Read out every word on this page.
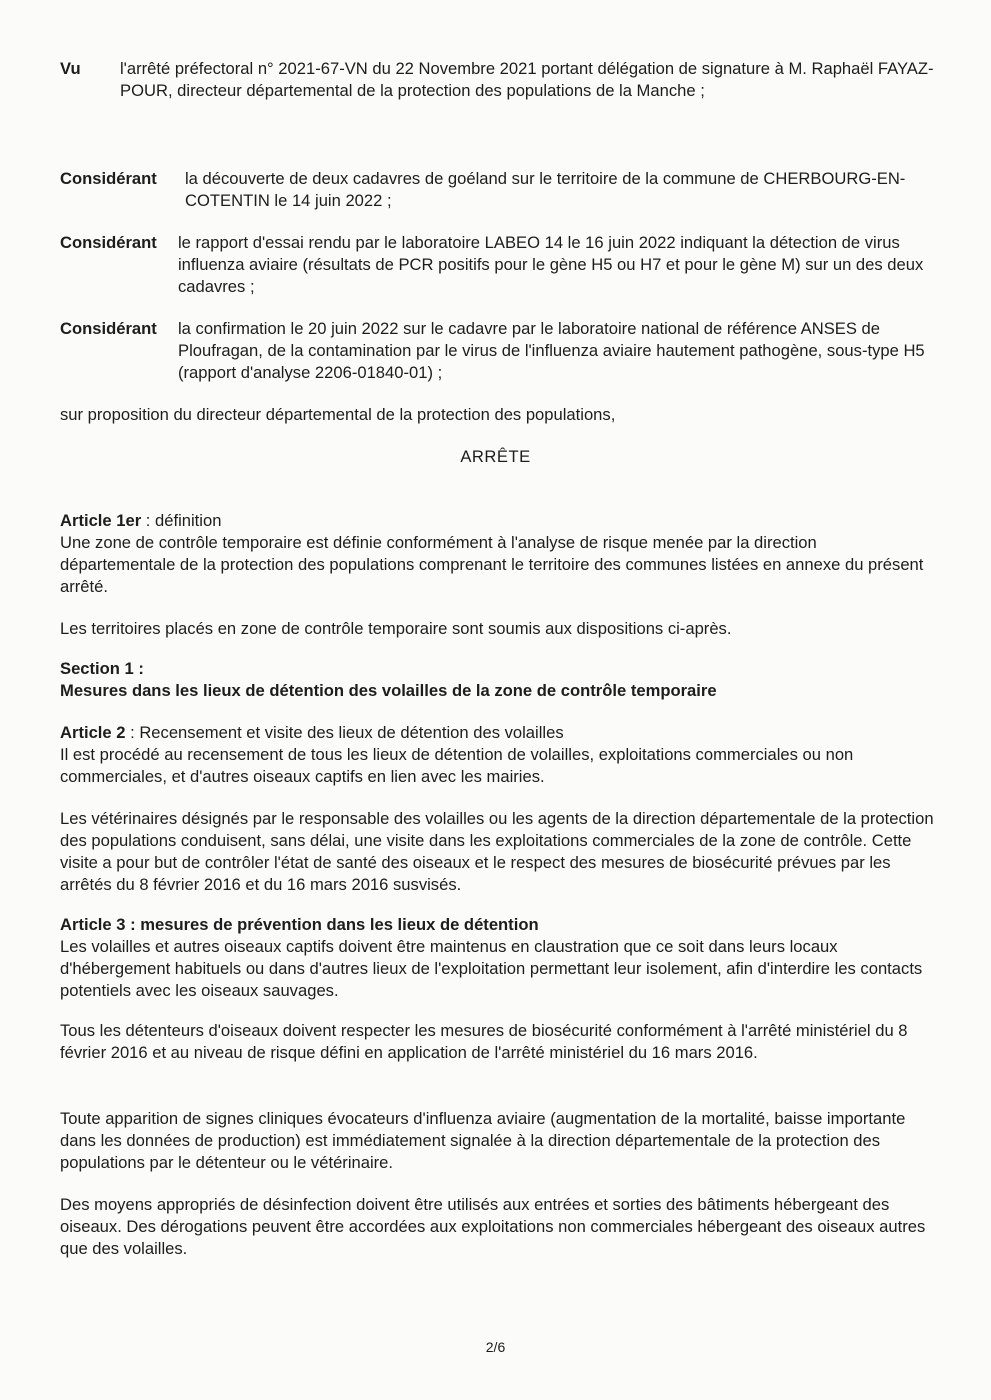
Vu l'arrêté préfectoral n° 2021-67-VN du 22 Novembre 2021 portant délégation de signature à M. Raphaël FAYAZ-POUR, directeur départemental de la protection des populations de la Manche ;

Considérant la découverte de deux cadavres de goéland sur le territoire de la commune de CHERBOURG-EN-COTENTIN le 14 juin 2022 ;

Considérant le rapport d'essai rendu par le laboratoire LABEO 14 le 16 juin 2022 indiquant la détection de virus influenza aviaire (résultats de PCR positifs pour le gène H5 ou H7 et pour le gène M) sur un des deux cadavres ;

Considérant la confirmation le 20 juin 2022 sur le cadavre par le laboratoire national de référence ANSES de Ploufragan, de la contamination par le virus de l'influenza aviaire hautement pathogène, sous-type H5 (rapport d'analyse 2206-01840-01) ;

sur proposition du directeur départemental de la protection des populations,

ARRÊTE

Article 1er : définition

Une zone de contrôle temporaire est définie conformément à l'analyse de risque menée par la direction départementale de la protection des populations comprenant le territoire des communes listées en annexe du présent arrêté.

Les territoires placés en zone de contrôle temporaire sont soumis aux dispositions ci-après.

Section 1 :

Mesures dans les lieux de détention des volailles de la zone de contrôle temporaire

Article 2 : Recensement et visite des lieux de détention des volailles

Il est procédé au recensement de tous les lieux de détention de volailles, exploitations commerciales ou non commerciales, et d'autres oiseaux captifs en lien avec les mairies.

Les vétérinaires désignés par le responsable des volailles ou les agents de la direction départementale de la protection des populations conduisent, sans délai, une visite dans les exploitations commerciales de la zone de contrôle. Cette visite a pour but de contrôler l'état de santé des oiseaux et le respect des mesures de biosécurité prévues par les arrêtés du 8 février 2016 et du 16 mars 2016 susvisés.

Article 3 : mesures de prévention dans les lieux de détention

Les volailles et autres oiseaux captifs doivent être maintenus en claustration que ce soit dans leurs locaux d'hébergement habituels ou dans d'autres lieux de l'exploitation permettant leur isolement, afin d'interdire les contacts potentiels avec les oiseaux sauvages.

Tous les détenteurs d'oiseaux doivent respecter les mesures de biosécurité conformément à l'arrêté ministériel du 8 février 2016 et au niveau de risque défini en application de l'arrêté ministériel du 16 mars 2016.

Toute apparition de signes cliniques évocateurs d'influenza aviaire (augmentation de la mortalité, baisse importante dans les données de production) est immédiatement signalée à la direction départementale de la protection des populations par le détenteur ou le vétérinaire.

Des moyens appropriés de désinfection doivent être utilisés aux entrées et sorties des bâtiments hébergeant des oiseaux. Des dérogations peuvent être accordées aux exploitations non commerciales hébergeant des oiseaux autres que des volailles.

2/6
